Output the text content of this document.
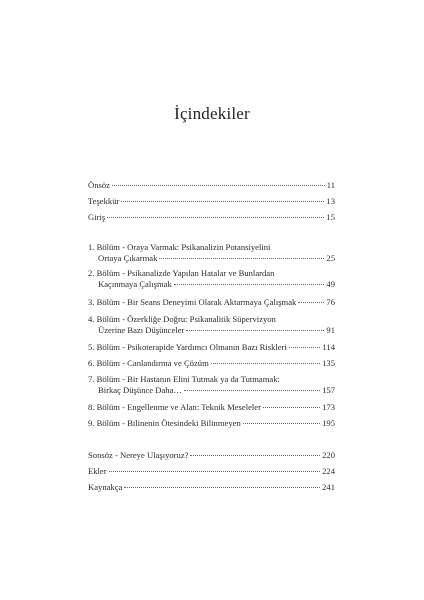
İçindekiler
Önsöz	11
Teşekkür	13
Giriş	15
1. Bölüm - Oraya Varmak: Psikanalizin Potansiyelini
Ortaya Çıkarmak	25
2. Bölüm - Psikanalizde Yapılan Hatalar ve Bunlardan
Kaçınmaya Çalışmak	49
3. Bölüm - Bir Seans Deneyimi Olarak Aktarmaya Çalışmak	76
4. Bölüm - Özerkliğe Doğru: Psikanalitik Süpervizyon
Üzerine Bazı Düşünceler	91
5. Bölüm - Psikoterapide Yardımcı Olmanın Bazı Riskleri	114
6. Bölüm - Canlandırma ve Çözüm	135
7. Bölüm - Bir Hastanın Elini Tutmak ya da Tutmamak:
Birkaç Düşünce Daha…	157
8. Bölüm - Engellenme ve Alan: Teknik Meseleler	173
9. Bölüm - Bilinenin Ötesindeki Bilinmeyen	195
Sonsöz - Nereye Ulaşıyoruz?	220
Ekler	224
Kaynakça	241
